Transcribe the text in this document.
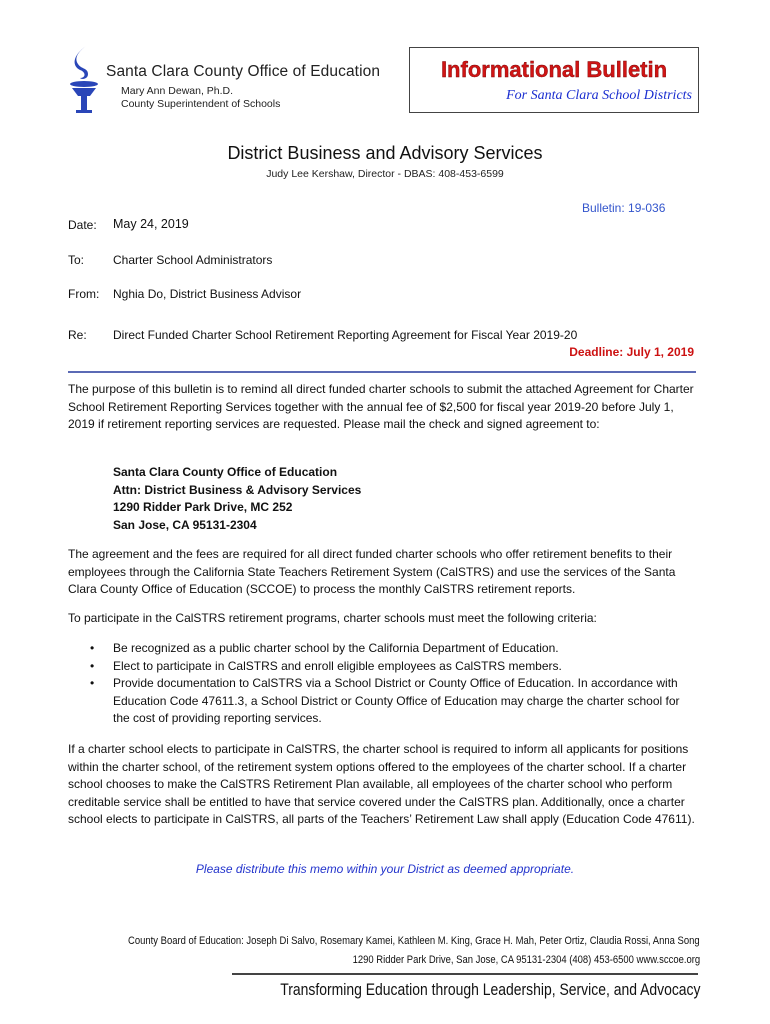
Santa Clara County Office of Education
Mary Ann Dewan, Ph.D.
County Superintendent of Schools
Informational Bulletin
For Santa Clara School Districts
District Business and Advisory Services
Judy Lee Kershaw, Director - DBAS: 408-453-6599
Bulletin: 19-036
Date: May 24, 2019
To: Charter School Administrators
From: Nghia Do, District Business Advisor
Re: Direct Funded Charter School Retirement Reporting Agreement for Fiscal Year 2019-20
Deadline: July 1, 2019

The purpose of this bulletin is to remind all direct funded charter schools to submit the attached Agreement for Charter School Retirement Reporting Services together with the annual fee of $2,500 for fiscal year 2019-20 before July 1, 2019 if retirement reporting services are requested. Please mail the check and signed agreement to:

Santa Clara County Office of Education
Attn: District Business & Advisory Services
1290 Ridder Park Drive, MC 252
San Jose, CA 95131-2304

The agreement and the fees are required for all direct funded charter schools who offer retirement benefits to their employees through the California State Teachers Retirement System (CalSTRS) and use the services of the Santa Clara County Office of Education (SCCOE) to process the monthly CalSTRS retirement reports.

To participate in the CalSTRS retirement programs, charter schools must meet the following criteria:

• Be recognized as a public charter school by the California Department of Education.
• Elect to participate in CalSTRS and enroll eligible employees as CalSTRS members.
• Provide documentation to CalSTRS via a School District or County Office of Education. In accordance with Education Code 47611.3, a School District or County Office of Education may charge the charter school for the cost of providing reporting services.

If a charter school elects to participate in CalSTRS, the charter school is required to inform all applicants for positions within the charter school, of the retirement system options offered to the employees of the charter school. If a charter school chooses to make the CalSTRS Retirement Plan available, all employees of the charter school who perform creditable service shall be entitled to have that service covered under the CalSTRS plan. Additionally, once a charter school elects to participate in CalSTRS, all parts of the Teachers’ Retirement Law shall apply (Education Code 47611).

Please distribute this memo within your District as deemed appropriate.
County Board of Education: Joseph Di Salvo, Rosemary Kamei, Kathleen M. King, Grace H. Mah, Peter Ortiz, Claudia Rossi, Anna Song
1290 Ridder Park Drive, San Jose, CA 95131-2304 (408) 453-6500 www.sccoe.org
Transforming Education through Leadership, Service, and Advocacy
